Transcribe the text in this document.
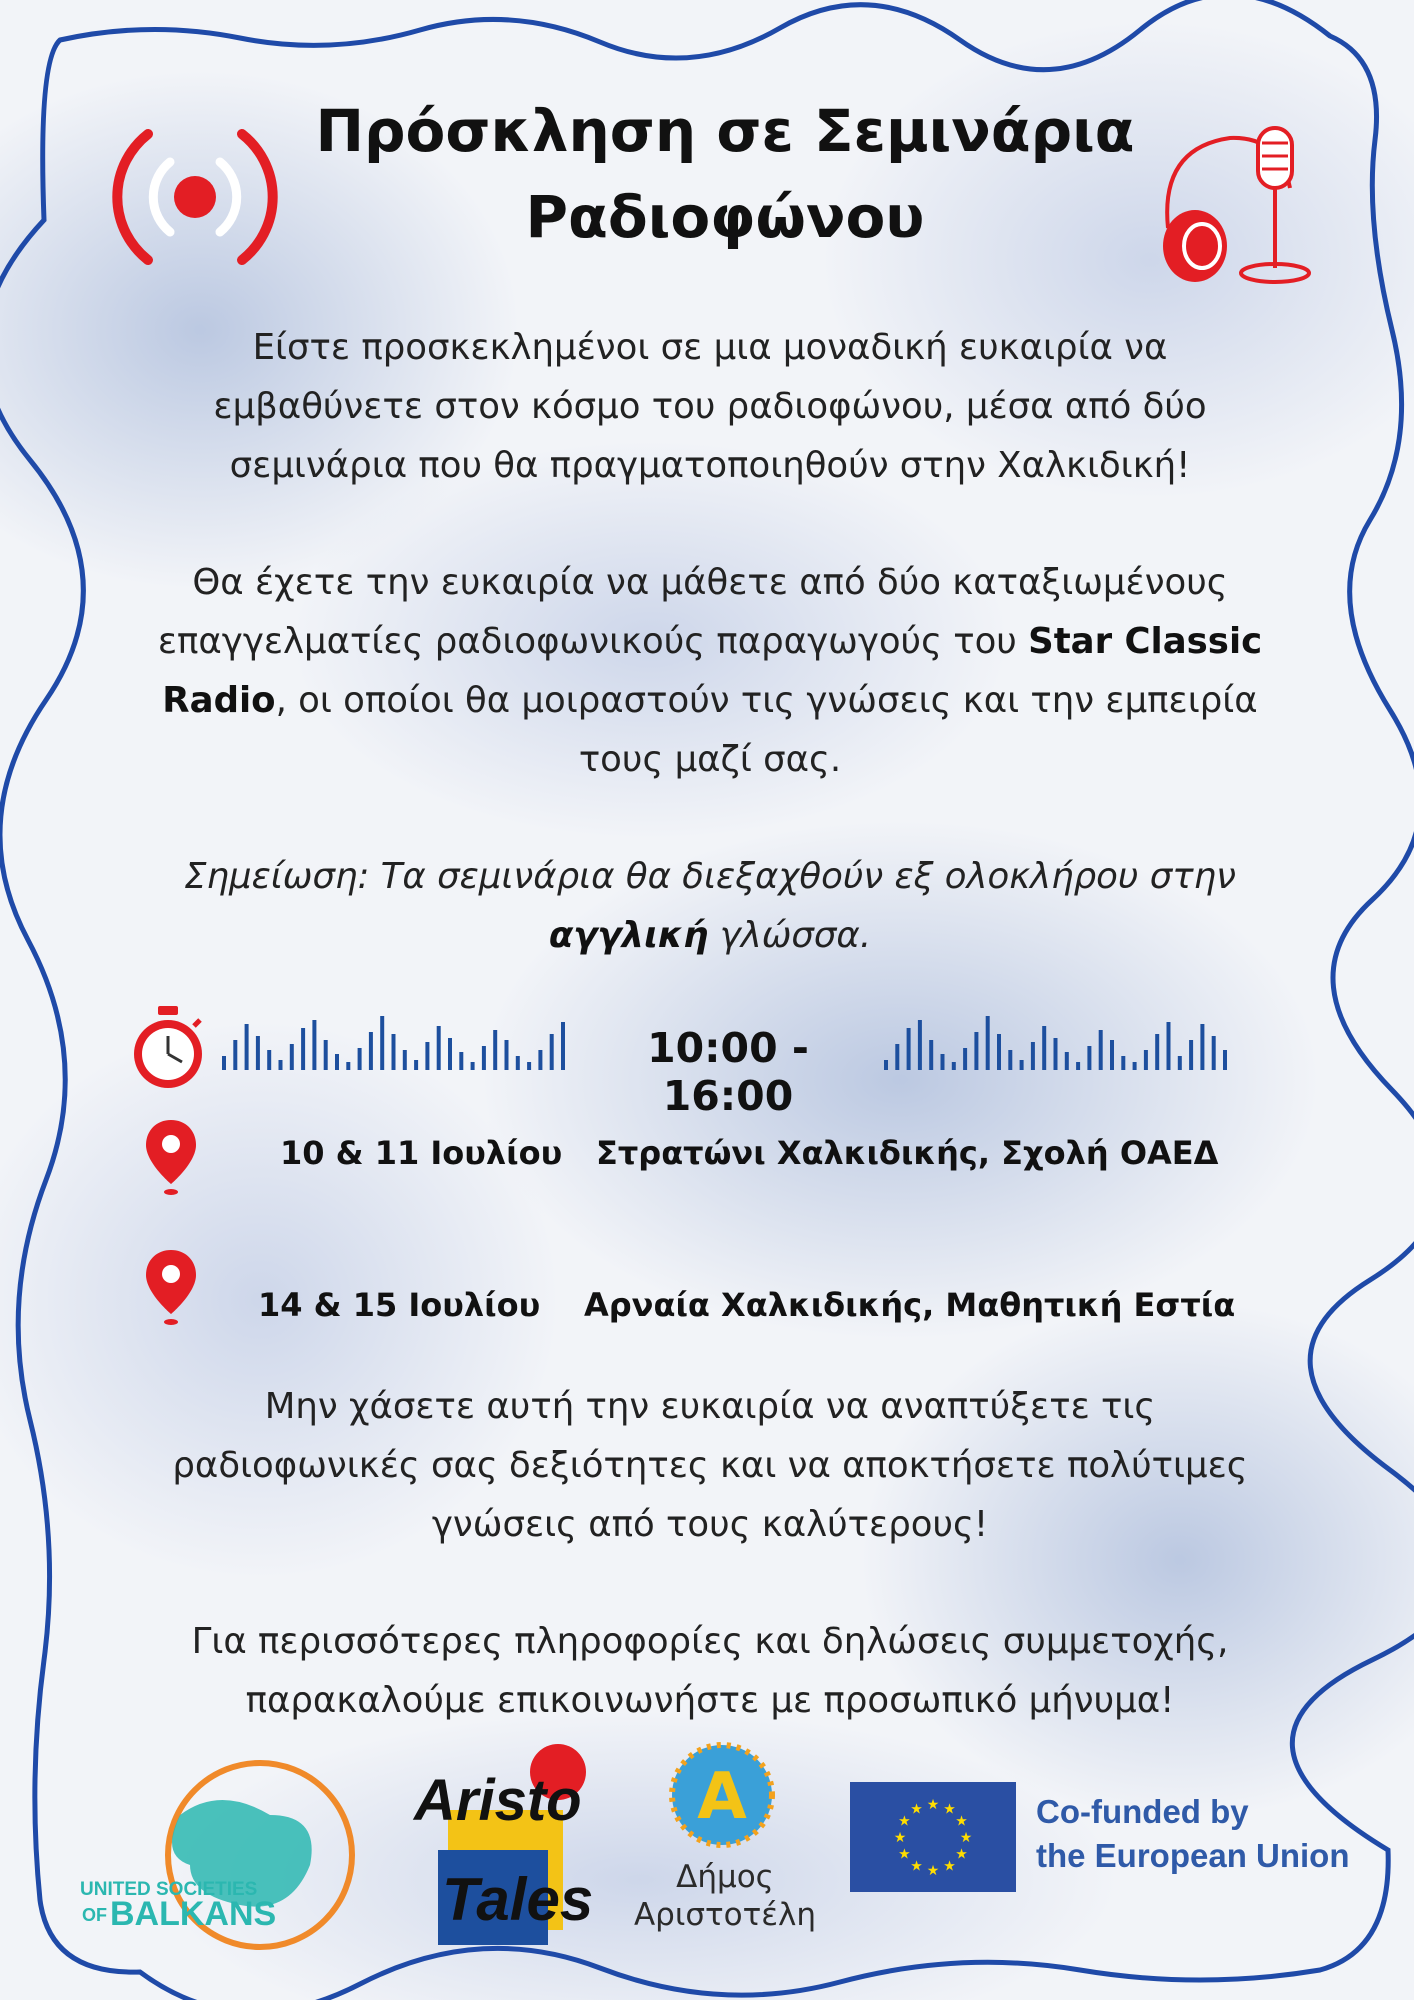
Πρόσκληση σε Σεμινάρια
Ραδιοφώνου
Είστε προσκεκλημένοι σε μια μοναδική ευκαιρία να
εμβαθύνετε στον κόσμο του ραδιοφώνου, μέσα από δύο
σεμινάρια που θα πραγματοποιηθούν στην Χαλκιδική!
Θα έχετε την ευκαιρία να μάθετε από δύο καταξιωμένους
επαγγελματίες ραδιοφωνικούς παραγωγούς του Star Classic
Radio, οι οποίοι θα μοιραστούν τις γνώσεις και την εμπειρία
τους μαζί σας.
Σημείωση: Τα σεμινάρια θα διεξαχθούν εξ ολοκλήρου στην
αγγλική γλώσσα.
10:00 - 16:00
10 & 11 Ιουλίου Στρατώνι Χαλκιδικής, Σχολή ΟΑΕΔ
14 & 15 Ιουλίου Αρναία Χαλκιδικής, Μαθητική Εστία
Μην χάσετε αυτή την ευκαιρία να αναπτύξετε τις
ραδιοφωνικές σας δεξιότητες και να αποκτήσετε πολύτιμες
γνώσεις από τους καλύτερους!
Για περισσότερες πληροφορίες και δηλώσεις συμμετοχής,
παρακαλούμε επικοινωνήστε με προσωπικό μήνυμα!
UNITED SOCIETIES
OF BALKANS
Aristo
Tales
A
Δήμος
Αριστοτέλη
★
★
★
★
★
★
★
★
★ ★ ★
★ Co-funded by
the European Union
